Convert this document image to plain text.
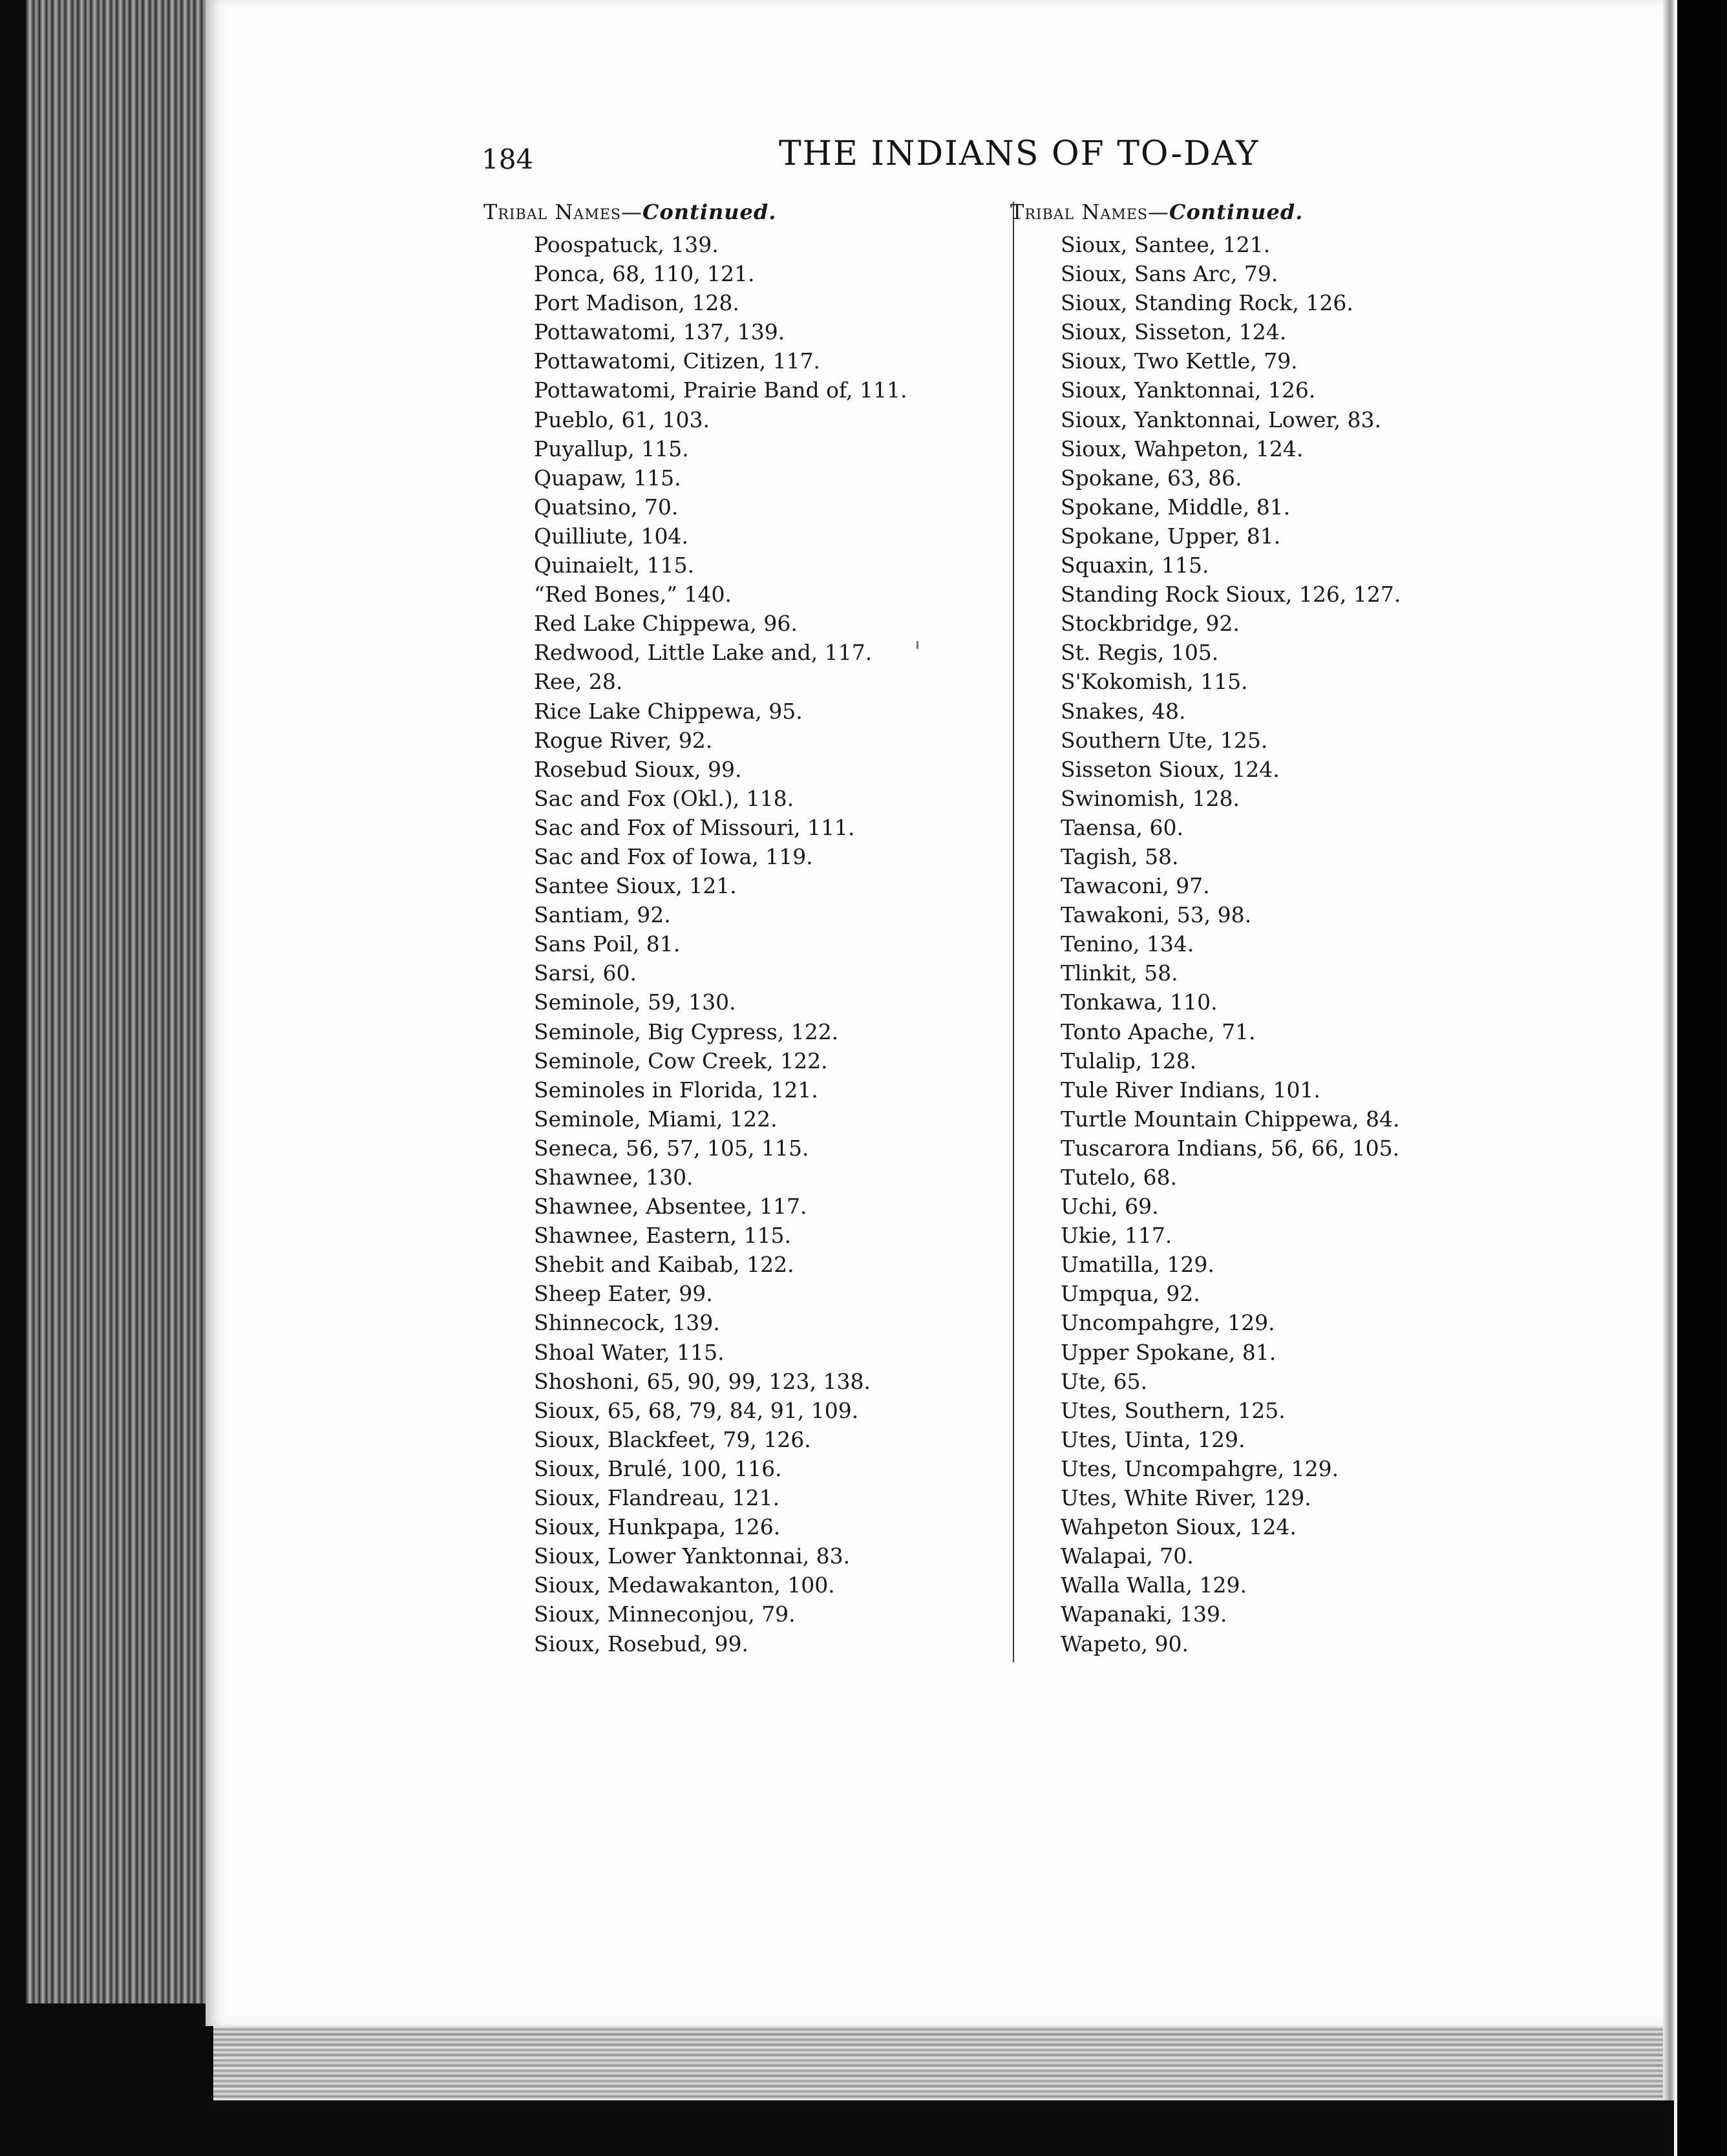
184	THE INDIANS OF TO-DAY
Tribal Names—Continued.
Poospatuck, 139.
Ponca, 68, 110, 121.
Port Madison, 128.
Pottawatomi, 137, 139.
Pottawatomi, Citizen, 117.
Pottawatomi, Prairie Band of, 111.
Pueblo, 61, 103.
Puyallup, 115.
Quapaw, 115.
Quatsino, 70.
Quilliute, 104.
Quinaielt, 115.
“Red Bones,” 140.
Red Lake Chippewa, 96.
Redwood, Little Lake and, 117.
Ree, 28.
Rice Lake Chippewa, 95.
Rogue River, 92.
Rosebud Sioux, 99.
Sac and Fox (Okl.), 118.
Sac and Fox of Missouri, 111.
Sac and Fox of Iowa, 119.
Santee Sioux, 121.
Santiam, 92.
Sans Poil, 81.
Sarsi, 60.
Seminole, 59, 130.
Seminole, Big Cypress, 122.
Seminole, Cow Creek, 122.
Seminoles in Florida, 121.
Seminole, Miami, 122.
Seneca, 56, 57, 105, 115.
Shawnee, 130.
Shawnee, Absentee, 117.
Shawnee, Eastern, 115.
Shebit and Kaibab, 122.
Sheep Eater, 99.
Shinnecock, 139.
Shoal Water, 115.
Shoshoni, 65, 90, 99, 123, 138.
Sioux, 65, 68, 79, 84, 91, 109.
Sioux, Blackfeet, 79, 126.
Sioux, Brulé, 100, 116.
Sioux, Flandreau, 121.
Sioux, Hunkpapa, 126.
Sioux, Lower Yanktonnai, 83.
Sioux, Medawakanton, 100.
Sioux, Minneconjou, 79.
Sioux, Rosebud, 99.
Tribal Names—Continued.
Sioux, Santee, 121.
Sioux, Sans Arc, 79.
Sioux, Standing Rock, 126.
Sioux, Sisseton, 124.
Sioux, Two Kettle, 79.
Sioux, Yanktonnai, 126.
Sioux, Yanktonnai, Lower, 83.
Sioux, Wahpeton, 124.
Spokane, 63, 86.
Spokane, Middle, 81.
Spokane, Upper, 81.
Squaxin, 115.
Standing Rock Sioux, 126, 127.
Stockbridge, 92.
St. Regis, 105.
S'Kokomish, 115.
Snakes, 48.
Southern Ute, 125.
Sisseton Sioux, 124.
Swinomish, 128.
Taensa, 60.
Tagish, 58.
Tawaconi, 97.
Tawakoni, 53, 98.
Tenino, 134.
Tlinkit, 58.
Tonkawa, 110.
Tonto Apache, 71.
Tulalip, 128.
Tule River Indians, 101.
Turtle Mountain Chippewa, 84.
Tuscarora Indians, 56, 66, 105.
Tutelo, 68.
Uchi, 69.
Ukie, 117.
Umatilla, 129.
Umpqua, 92.
Uncompahgre, 129.
Upper Spokane, 81.
Ute, 65.
Utes, Southern, 125.
Utes, Uinta, 129.
Utes, Uncompahgre, 129.
Utes, White River, 129.
Wahpeton Sioux, 124.
Walapai, 70.
Walla Walla, 129.
Wapanaki, 139.
Wapeto, 90.
